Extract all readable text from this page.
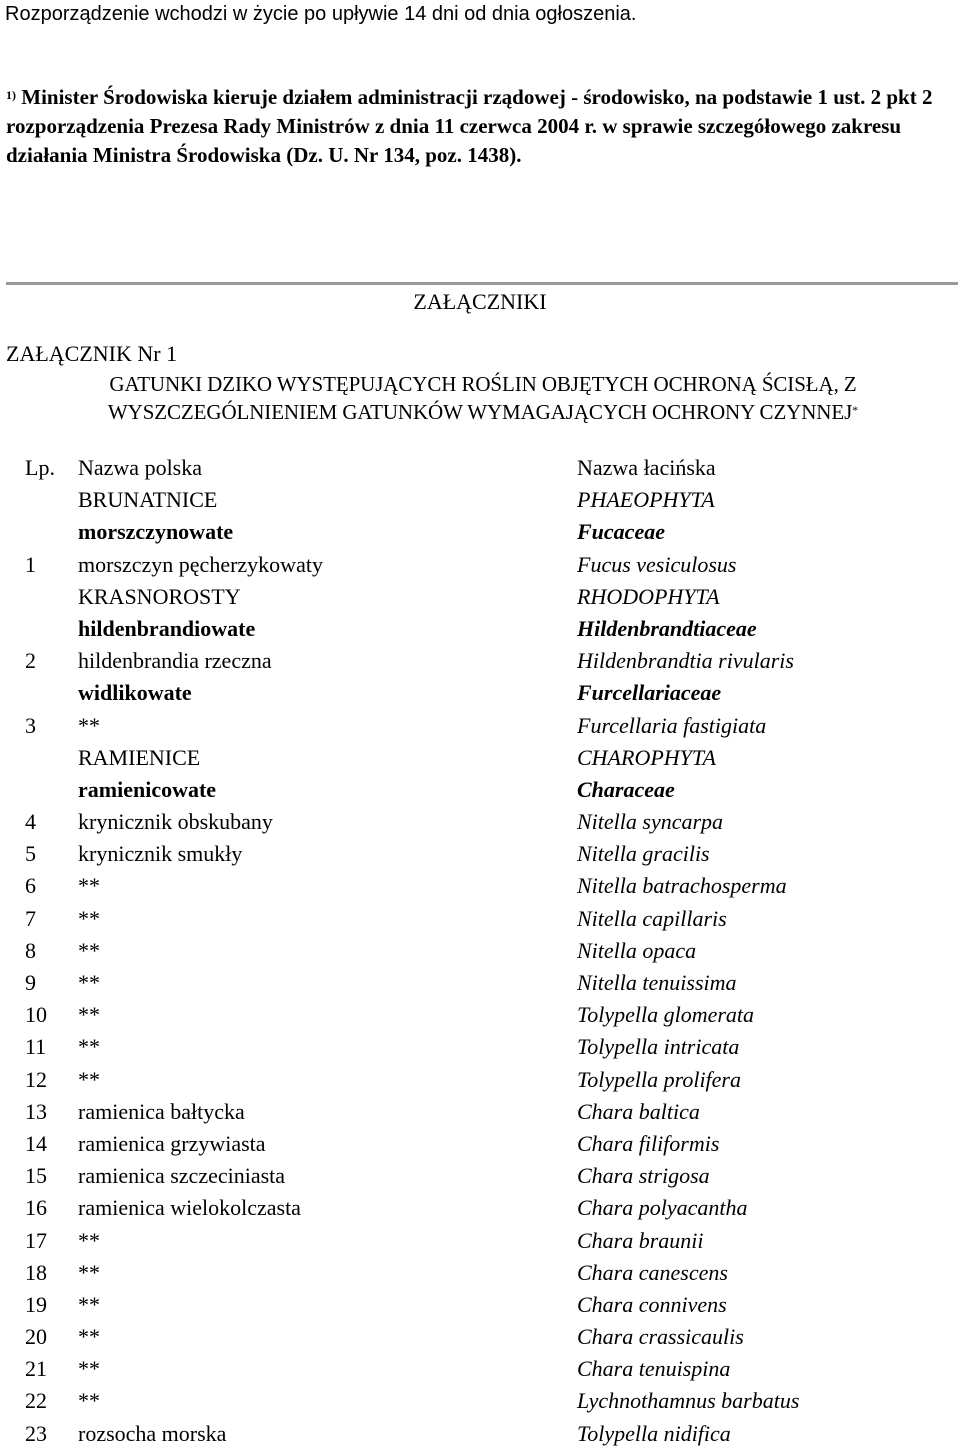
Rozporządzenie wchodzi w życie po upływie 14 dni od dnia ogłoszenia.
$^{1)}$ Minister Środowiska kieruje działem administracji rządowej - środowisko, na podstawie 1 ust. 2 pkt 2 rozporządzenia Prezesa Rady Ministrów z dnia 11 czerwca 2004 r. w sprawie szczegółowego zakresu działania Ministra Środowiska (Dz. U. Nr 134, poz. 1438).
ZAŁĄCZNIKI
ZAŁĄCZNIK Nr 1
GATUNKI DZIKO WYSTĘPUJĄCYCH ROŚLIN OBJĘTYCH OCHRONĄ ŚCISŁĄ, Z WYSZCZEGÓLNIENIEM GATUNKÓW WYMAGAJĄCYCH OCHRONY CZYNNEJ*
Lp. Nazwa polska	Nazwa łacińska
BRUNATNICE	PHAEOPHYTA
morszczynowate	Fucaceae
1 morszczyn pęcherzykowaty	Fucus vesiculosus
KRASNOROSTY	RHODOPHYTA
hildenbrandiowate	Hildenbrandtiaceae
2 hildenbrandia rzeczna	Hildenbrandtia rivularis
widlikowate	Furcellariaceae
3 **	Furcellaria fastigiata
RAMIENICE	CHAROPHYTA
ramienicowate	Characeae
4 krynicznik obskubany	Nitella syncarpa
5 krynicznik smukły	Nitella gracilis
6 **	Nitella batrachosperma
7 **	Nitella capillaris
8 **	Nitella opaca
9 **	Nitella tenuissima
10 **	Tolypella glomerata
11 **	Tolypella intricata
12 **	Tolypella prolifera
13 ramienica bałtycka	Chara baltica
14 ramienica grzywiasta	Chara filiformis
15 ramienica szczeciniasta	Chara strigosa
16 ramienica wielokolczasta	Chara polyacantha
17 **	Chara braunii
18 **	Chara canescens
19 **	Chara connivens
20 **	Chara crassicaulis
21 **	Chara tenuispina
22 **	Lychnothamnus barbatus
23 rozsocha morska	Tolypella nidifica
